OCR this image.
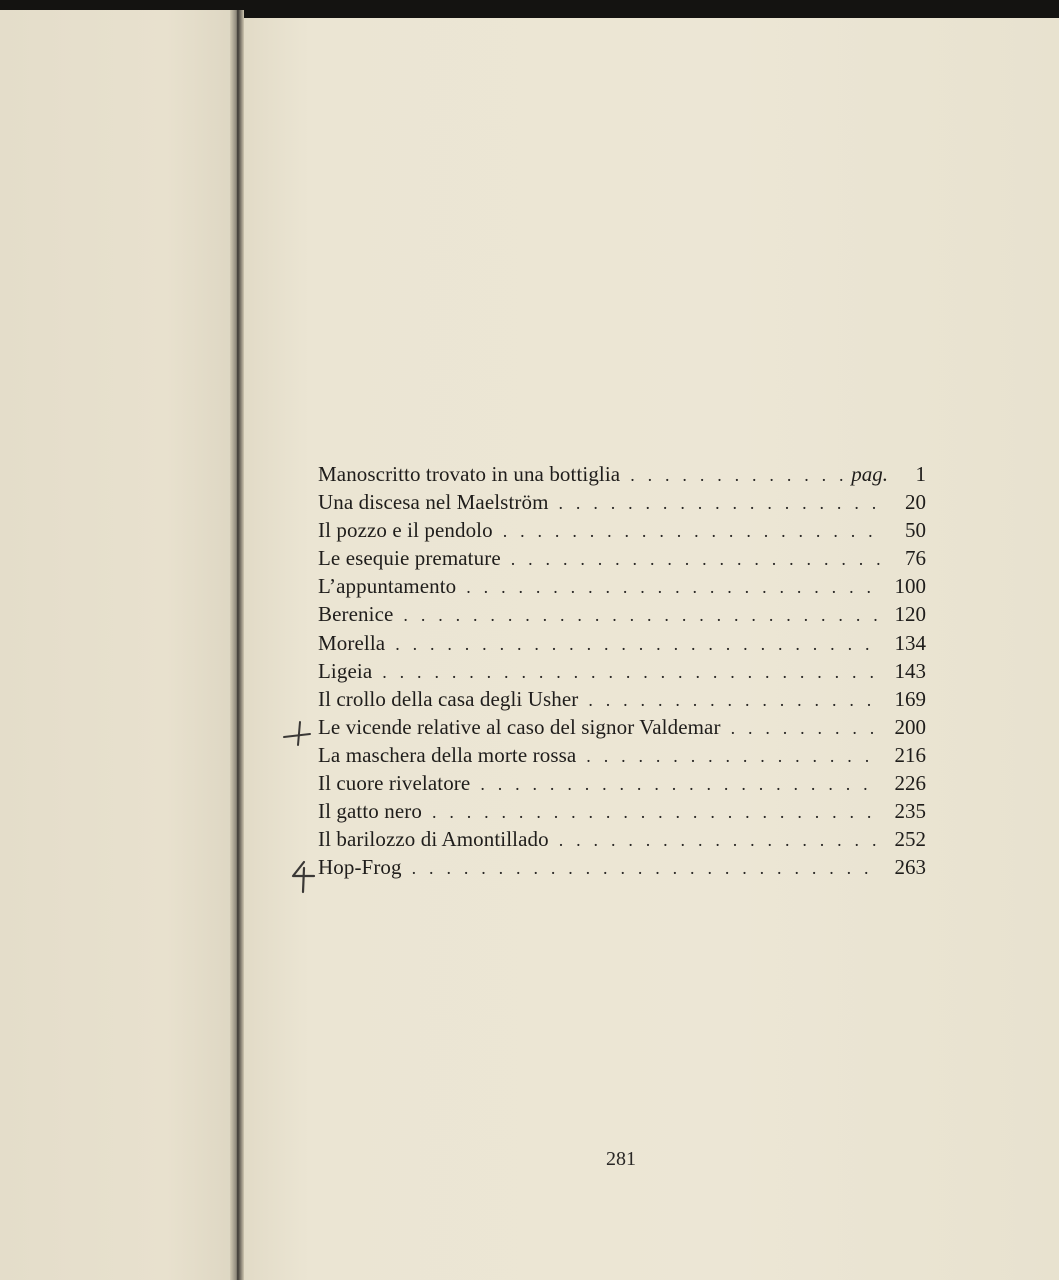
Manoscritto trovato in una bottiglia . . .	pag. 1
Una discesa nel Maelström . . .	20
Il pozzo e il pendolo . . .	50
Le esequie premature . . .	76
L’appuntamento . . .	100
Berenice . . .	120
Morella . . .	134
Ligeia . . .	143
Il crollo della casa degli Usher . . .	169
Le vicende relative al caso del signor Valdemar . . .	200
La maschera della morte rossa . . .	216
Il cuore rivelatore . . .	226
Il gatto nero . . .	235
Il barilozzo di Amontillado . . .	252
Hop-Frog . . .	263
281
